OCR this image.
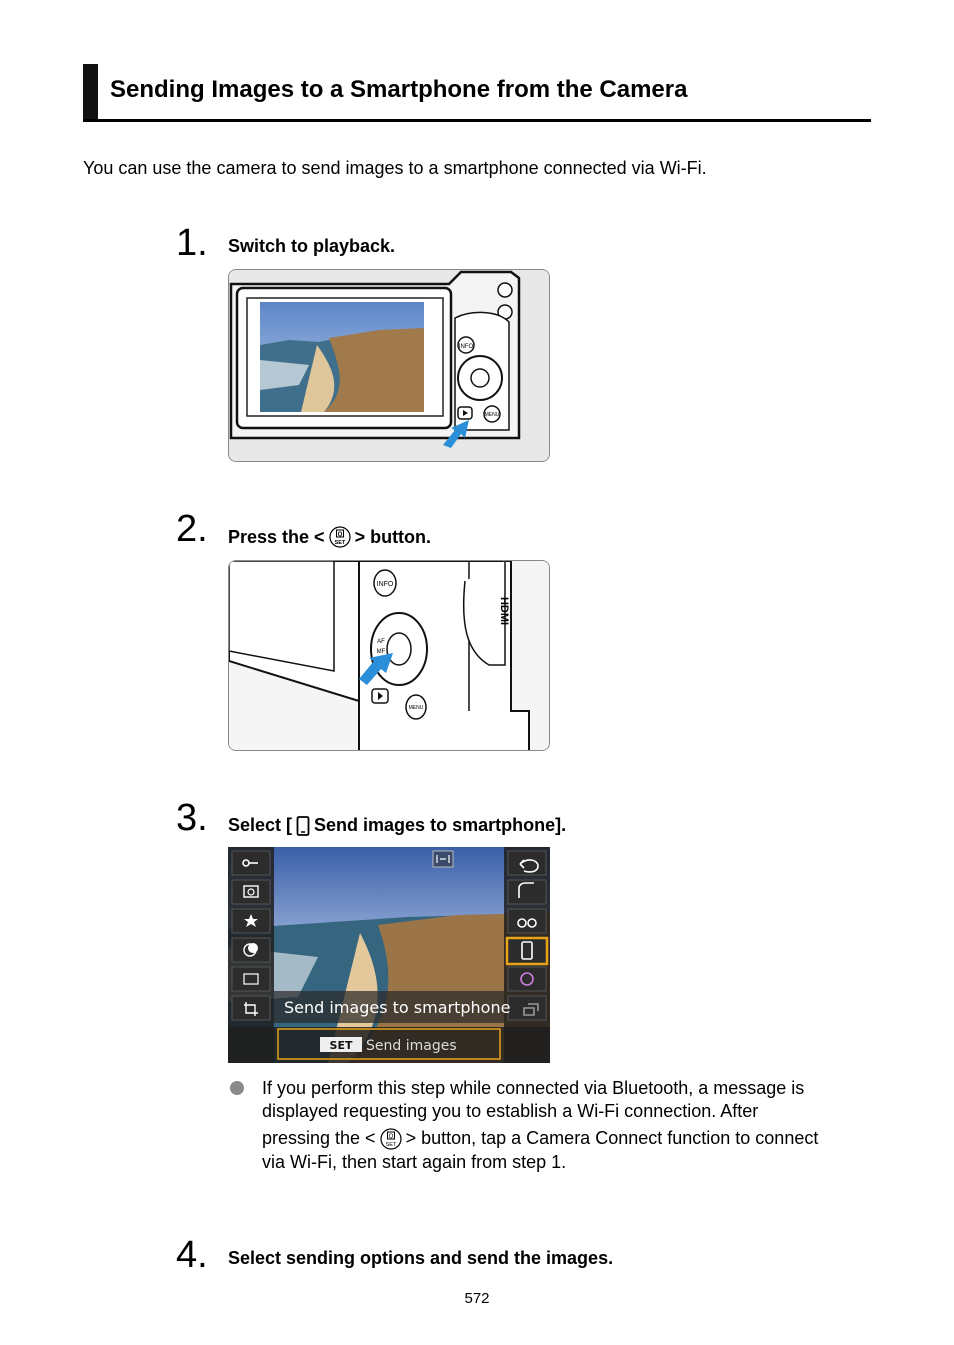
Sending Images to a Smartphone from the Camera
You can use the camera to send images to a smartphone connected via Wi-Fi.
1. Switch to playback.
INFO
MENU
2. Press the < Q
SET > button.
HDMI
INFO
AF
MF
MENU
3. Select [ Send images to smartphone].
Send images to smartphone
SET Send images
If you perform this step while connected via Bluetooth, a message is
displayed requesting you to establish a Wi-Fi connection. After
pressing the < Q
SET > button, tap a Camera Connect function to connect
via Wi-Fi, then start again from step 1.
4. Select sending options and send the images.
572
